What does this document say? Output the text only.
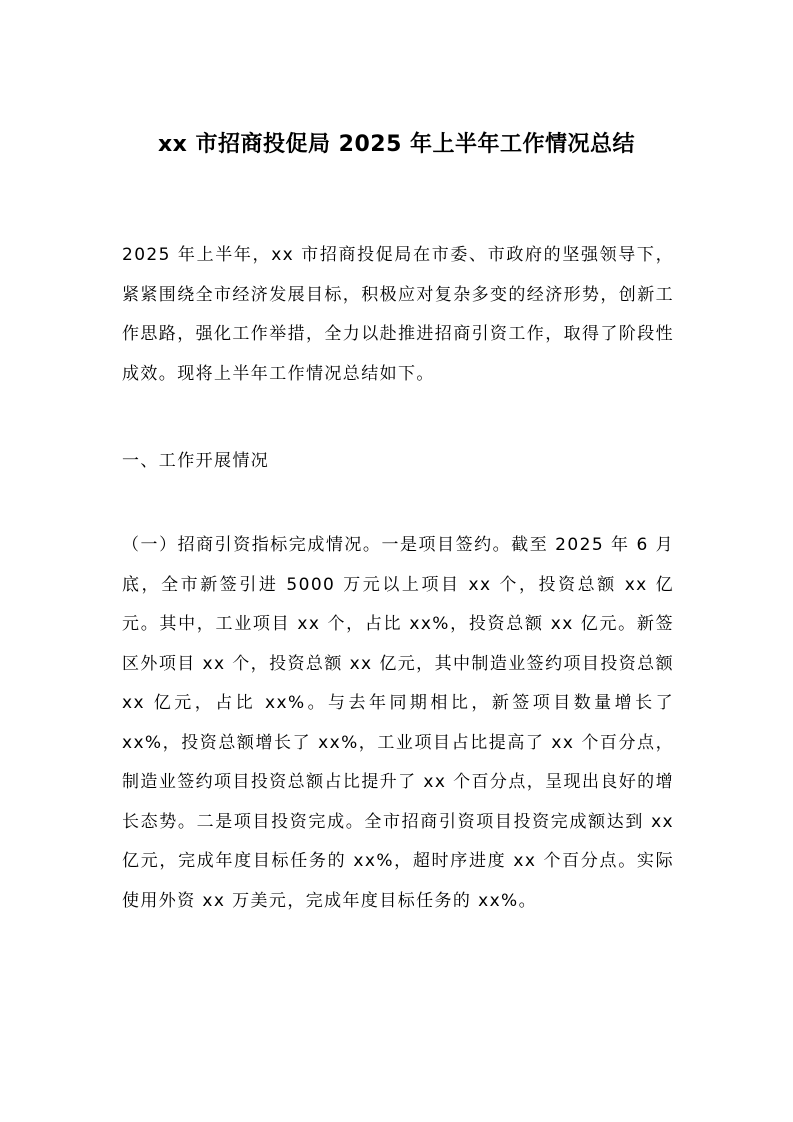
xx 市招商投促局 2025 年上半年工作情况总结
2025 年上半年，xx 市招商投促局在市委、市政府的坚强领导下，紧紧围绕全市经济发展目标，积极应对复杂多变的经济形势，创新工作思路，强化工作举措，全力以赴推进招商引资工作，取得了阶段性成效。现将上半年工作情况总结如下。
一、工作开展情况
（一）招商引资指标完成情况。一是项目签约。截至 2025 年 6 月底，全市新签引进 5000 万元以上项目 xx 个，投资总额 xx 亿元。其中，工业项目 xx 个，占比 xx%，投资总额 xx 亿元。新签区外项目 xx 个，投资总额 xx 亿元，其中制造业签约项目投资总额 xx 亿元，占比 xx%。与去年同期相比，新签项目数量增长了 xx%，投资总额增长了 xx%，工业项目占比提高了 xx 个百分点，制造业签约项目投资总额占比提升了 xx 个百分点，呈现出良好的增长态势。二是项目投资完成。全市招商引资项目投资完成额达到 xx 亿元，完成年度目标任务的 xx%，超时序进度 xx 个百分点。实际使用外资 xx 万美元，完成年度目标任务的 xx%。
